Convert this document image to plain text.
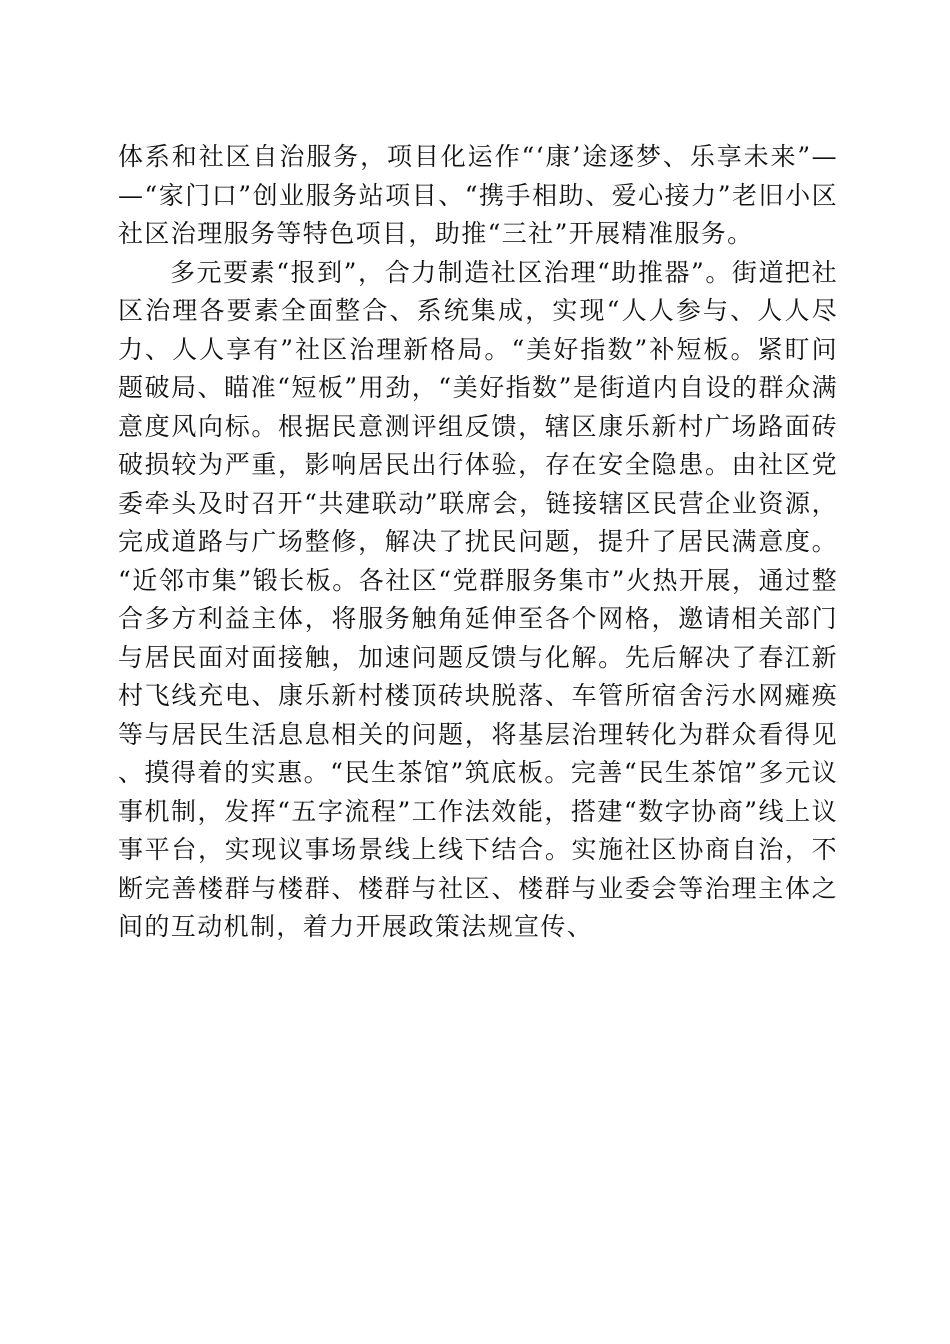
体系和社区自治服务，项目化运作“‘康’途逐梦、乐享未来”——“家门口”创业服务站项目、“携手相助、爱心接力”老旧小区社区治理服务等特色项目，助推“三社”开展精准服务。

多元要素“报到”，合力制造社区治理“助推器”。街道把社区治理各要素全面整合、系统集成，实现“人人参与、人人尽力、人人享有”社区治理新格局。“美好指数”补短板。紧盯问题破局、瞄准“短板”用劲，“美好指数”是街道内自设的群众满意度风向标。根据民意测评组反馈，辖区康乐新村广场路面砖破损较为严重，影响居民出行体验，存在安全隐患。由社区党委牵头及时召开“共建联动”联席会，链接辖区民营企业资源，完成道路与广场整修，解决了扰民问题，提升了居民满意度。“近邻市集”锻长板。各社区“党群服务集市”火热开展，通过整合多方利益主体，将服务触角延伸至各个网格，邀请相关部门与居民面对面接触，加速问题反馈与化解。先后解决了春江新村飞线充电、康乐新村楼顶砖块脱落、车管所宿舍污水网瘫痪等与居民生活息息相关的问题，将基层治理转化为群众看得见、摸得着的实惠。“民生茶馆”筑底板。完善“民生茶馆”多元议事机制，发挥“五字流程”工作法效能，搭建“数字协商”线上议事平台，实现议事场景线上线下结合。实施社区协商自治，不断完善楼群与楼群、楼群与社区、楼群与业委会等治理主体之间的互动机制，着力开展政策法规宣传、
